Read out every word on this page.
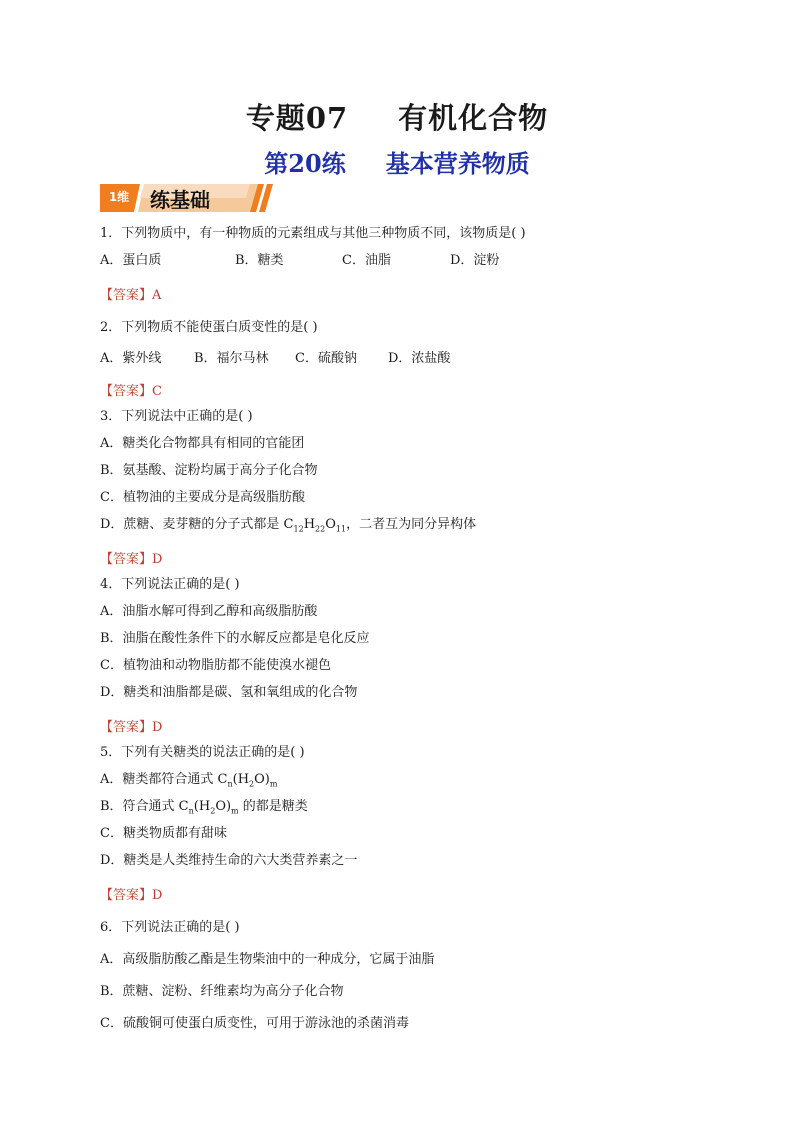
专题07 有机化合物
第20练 基本营养物质
1维	练基础
1．下列物质中，有一种物质的元素组成与其他三种物质不同，该物质是( )
A．蛋白质	B．糖类	C．油脂	D．淀粉
【答案】A
2．下列物质不能使蛋白质变性的是( )
A．紫外线	B．福尔马林 C．硫酸钠 D．浓盐酸
【答案】C
3．下列说法中正确的是( )
A．糖类化合物都具有相同的官能团
B．氨基酸、淀粉均属于高分子化合物
C．植物油的主要成分是高级脂肪酸
D．蔗糖、麦芽糖的分子式都是 $C_{12}H_{22}O_{11}$，二者互为同分异构体
【答案】D
4．下列说法正确的是( )
A．油脂水解可得到乙醇和高级脂肪酸
B．油脂在酸性条件下的水解反应都是皂化反应
C．植物油和动物脂肪都不能使溴水褪色
D．糖类和油脂都是碳、氢和氧组成的化合物
【答案】D
5．下列有关糖类的说法正确的是( )
A．糖类都符合通式 $C_n(H_2O)_m$
B．符合通式 $C_n(H_2O)_m$ 的都是糖类
C．糖类物质都有甜味
D．糖类是人类维持生命的六大类营养素之一
【答案】D
6．下列说法正确的是( )
A．高级脂肪酸乙酯是生物柴油中的一种成分，它属于油脂
B．蔗糖、淀粉、纤维素均为高分子化合物
C．硫酸铜可使蛋白质变性，可用于游泳池的杀菌消毒
